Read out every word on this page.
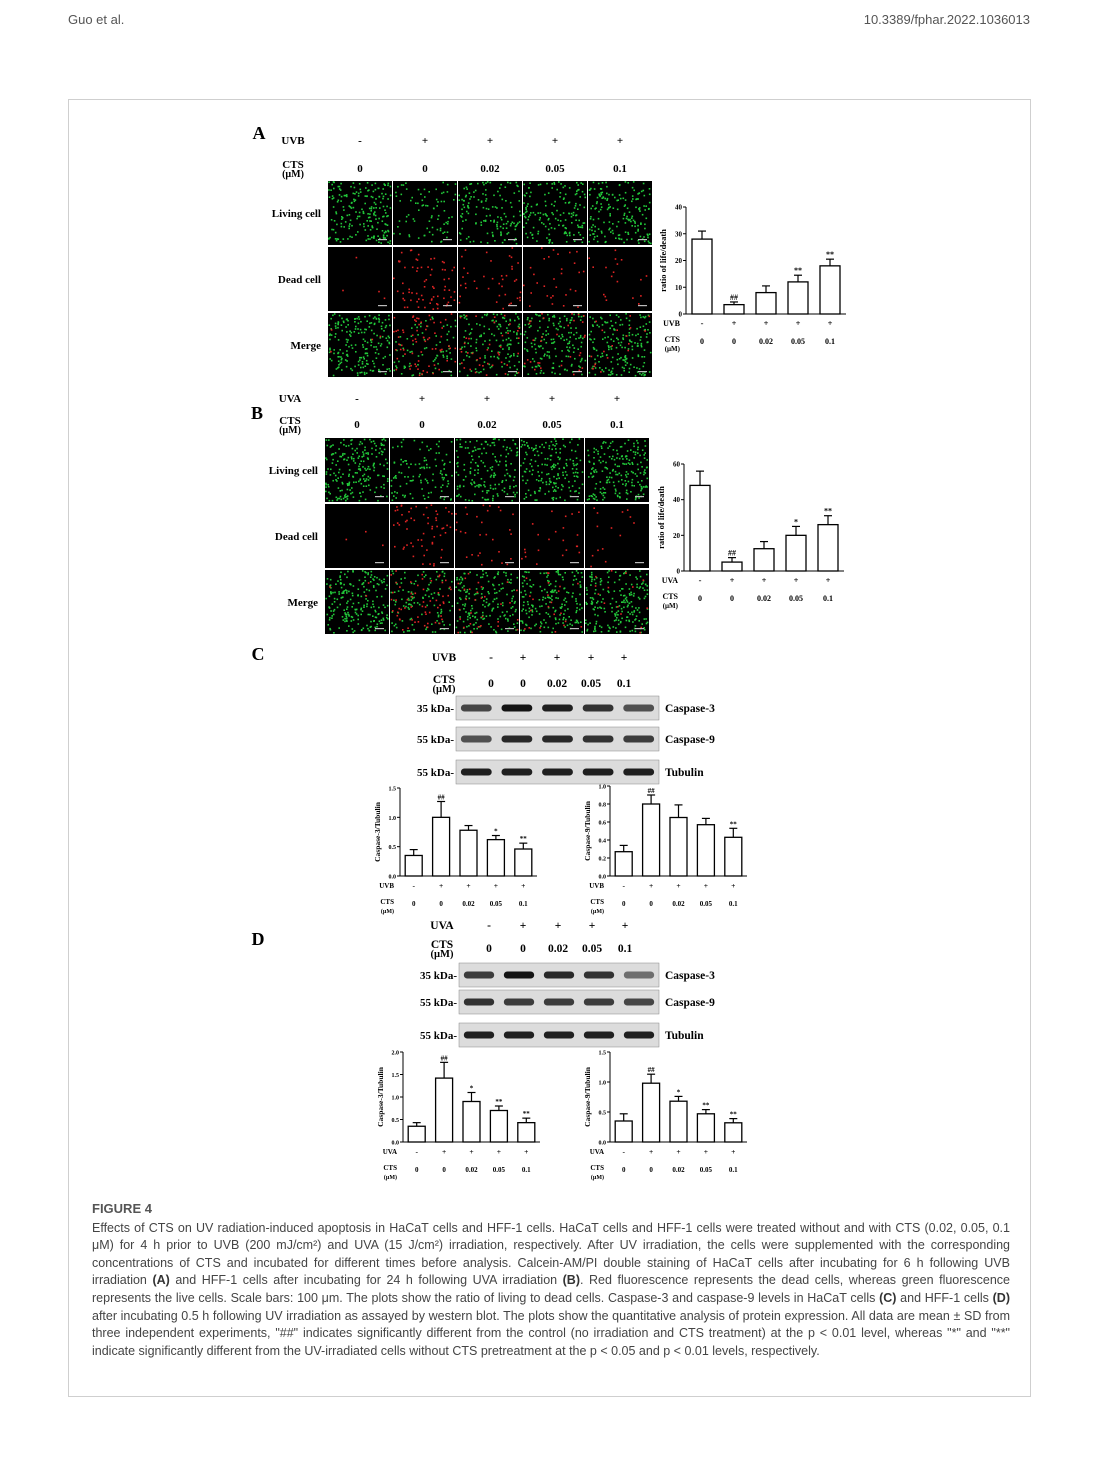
Guo et al.	10.3389/fphar.2022.1036013
A UVB
CTS
(µM)
-
0
+
0
+
0.02
+
0.05
+
0.1
Living cell
Dead cell
Merge
0
10
20
30
40
ratio of life/death
-
0
##
+
0
+
0.02
**
+
0.05
**
+
0.1
UVB
CTS
(µM)
B
UVA
CTS
(µM)
-
0
+
0
+
0.02
+
0.05
+
0.1
Living cell
Dead cell
Merge
0
20
40
60
ratio of life/death
-
0
##
+
0
+
0.02
*
+
0.05
**
+
0.1
UVA
CTS
(µM)
C	UVB
CTS
(µM)
-
0
+
0
+
0.02
+
0.05
+
0.1
35 kDa-	Caspase-3
55 kDa-	Caspase-9
55 kDa-	Tubulin
0.0
0.5
1.0
1.5
Caspase-3/Tubulin
-
0
##
+
0
+
0.02
*
+
0.05
**
+
0.1
UVB
CTS
(µM)
0.0
0.2
0.4
0.6
0.8
1.0
Caspase-9/Tubulin
-
0
##
+
0
+
0.02
+
0.05
**
+
0.1
UVB
CTS
(µM)
D
UVA
CTS
(µM)
-
0
+
0
+
0.02
+
0.05
+
0.1
35 kDa-	Caspase-3
55 kDa-	Caspase-9
55 kDa-	Tubulin
0.0
0.5
1.0
1.5
2.0
Caspase-3/Tubulin
-
0
##
+
0
*
+
0.02
**
+
0.05
**
+
0.1
UVA
CTS
(µM)
0.0
0.5
1.0
1.5
Caspase-9/Tubulin
-
0
##
+
0
*
+
0.02
**
+
0.05
**
+
0.1
UVA
CTS
(µM)
FIGURE 4
Effects of CTS on UV radiation-induced apoptosis in HaCaT cells and HFF-1 cells. HaCaT cells and HFF-1 cells were treated without and with CTS (0.02, 0.05, 0.1 μM) for 4 h prior to UVB (200 mJ/cm²) and UVA (15 J/cm²) irradiation, respectively. After UV irradiation, the cells were supplemented with the corresponding concentrations of CTS and incubated for different times before analysis. Calcein-AM/PI double staining of HaCaT cells after incubating for 6 h following UVB irradiation (A) and HFF-1 cells after incubating for 24 h following UVA irradiation (B). Red fluorescence represents the dead cells, whereas green fluorescence represents the live cells. Scale bars: 100 μm. The plots show the ratio of living to dead cells. Caspase-3 and caspase-9 levels in HaCaT cells (C) and HFF-1 cells (D) after incubating 0.5 h following UV irradiation as assayed by western blot. The plots show the quantitative analysis of protein expression. All data are mean ± SD from three independent experiments, "##" indicates significantly different from the control (no irradiation and CTS treatment) at the p < 0.01 level, whereas "*" and "**" indicate significantly different from the UV-irradiated cells without CTS pretreatment at the p < 0.05 and p < 0.01 levels, respectively.
